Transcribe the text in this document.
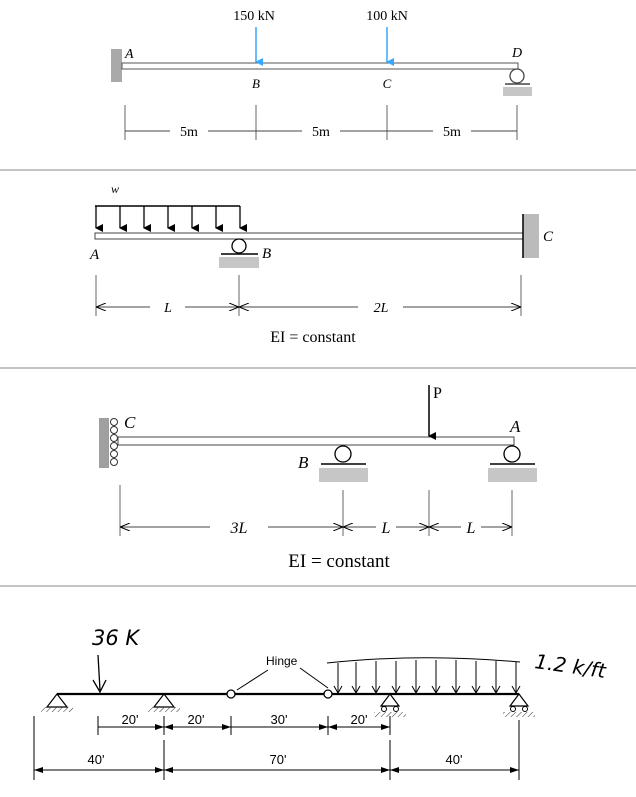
A
150 kN
B
100 kN
C
D
5m	5m	5m
w
A	B
C
L	2L
EI = constant
C
P
A
B
3L	L	L
EI = constant
36 K
Hinge	1.2 k/ft
20'	20'	30'	20'
40'	70'	40'
